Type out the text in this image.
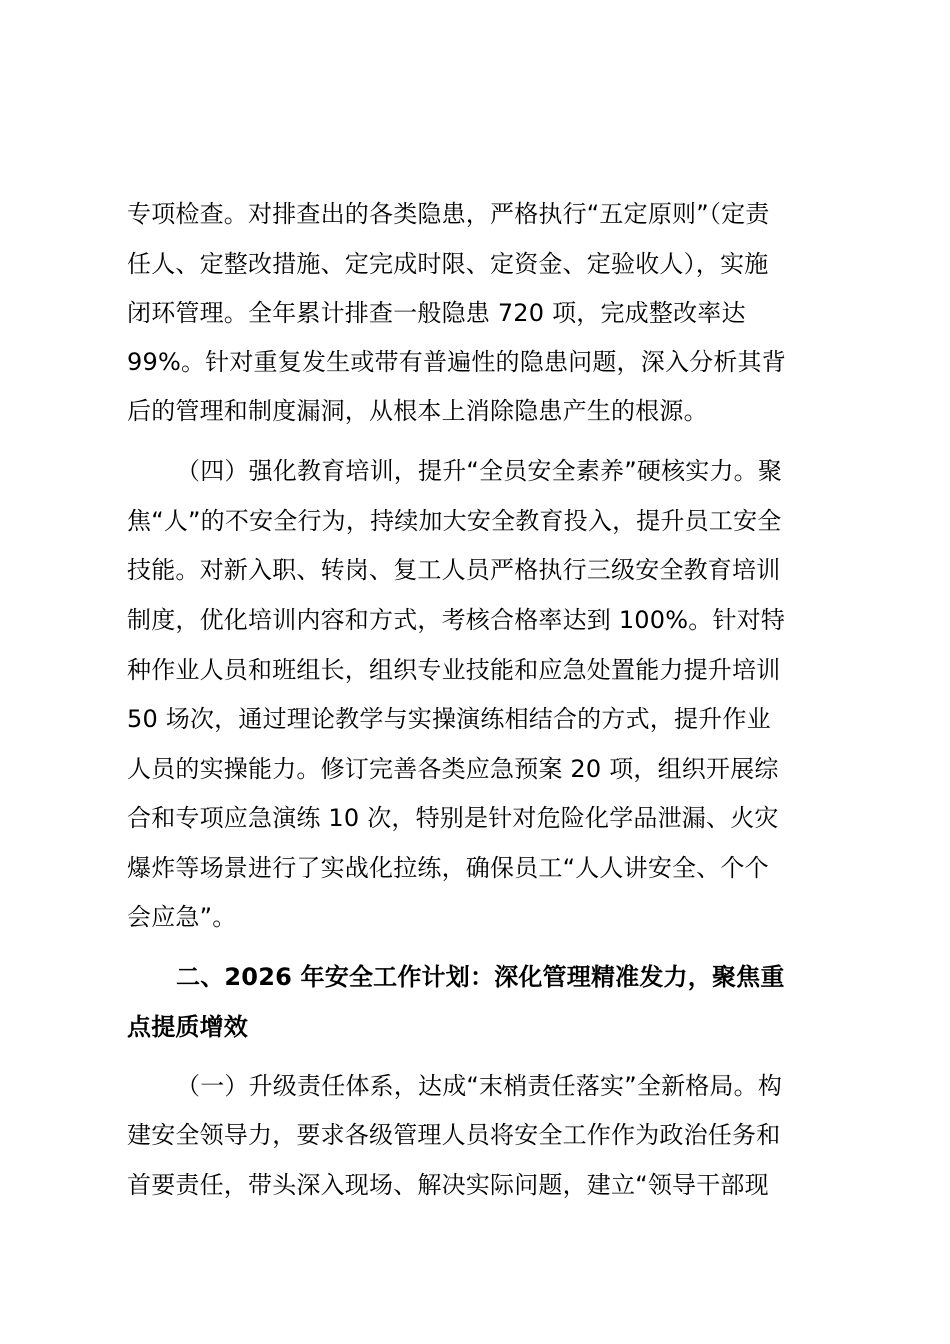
专项检查。对排查出的各类隐患，严格执行“五定原则”（定责
任人、定整改措施、定完成时限、定资金、定验收人），实施
闭环管理。全年累计排查一般隐患 720 项，完成整改率达
99%。针对重复发生或带有普遍性的隐患问题，深入分析其背
后的管理和制度漏洞，从根本上消除隐患产生的根源。
（四）强化教育培训，提升“全员安全素养”硬核实力。聚
焦“人”的不安全行为，持续加大安全教育投入，提升员工安全
技能。对新入职、转岗、复工人员严格执行三级安全教育培训
制度，优化培训内容和方式，考核合格率达到 100%。针对特
种作业人员和班组长，组织专业技能和应急处置能力提升培训
50 场次，通过理论教学与实操演练相结合的方式，提升作业
人员的实操能力。修订完善各类应急预案 20 项，组织开展综
合和专项应急演练 10 次，特别是针对危险化学品泄漏、火灾
爆炸等场景进行了实战化拉练，确保员工“人人讲安全、个个
会应急”。
二、2026 年安全工作计划：深化管理精准发力，聚焦重
点提质增效
（一）升级责任体系，达成“末梢责任落实”全新格局。构
建安全领导力，要求各级管理人员将安全工作作为政治任务和
首要责任，带头深入现场、解决实际问题，建立“领导干部现
